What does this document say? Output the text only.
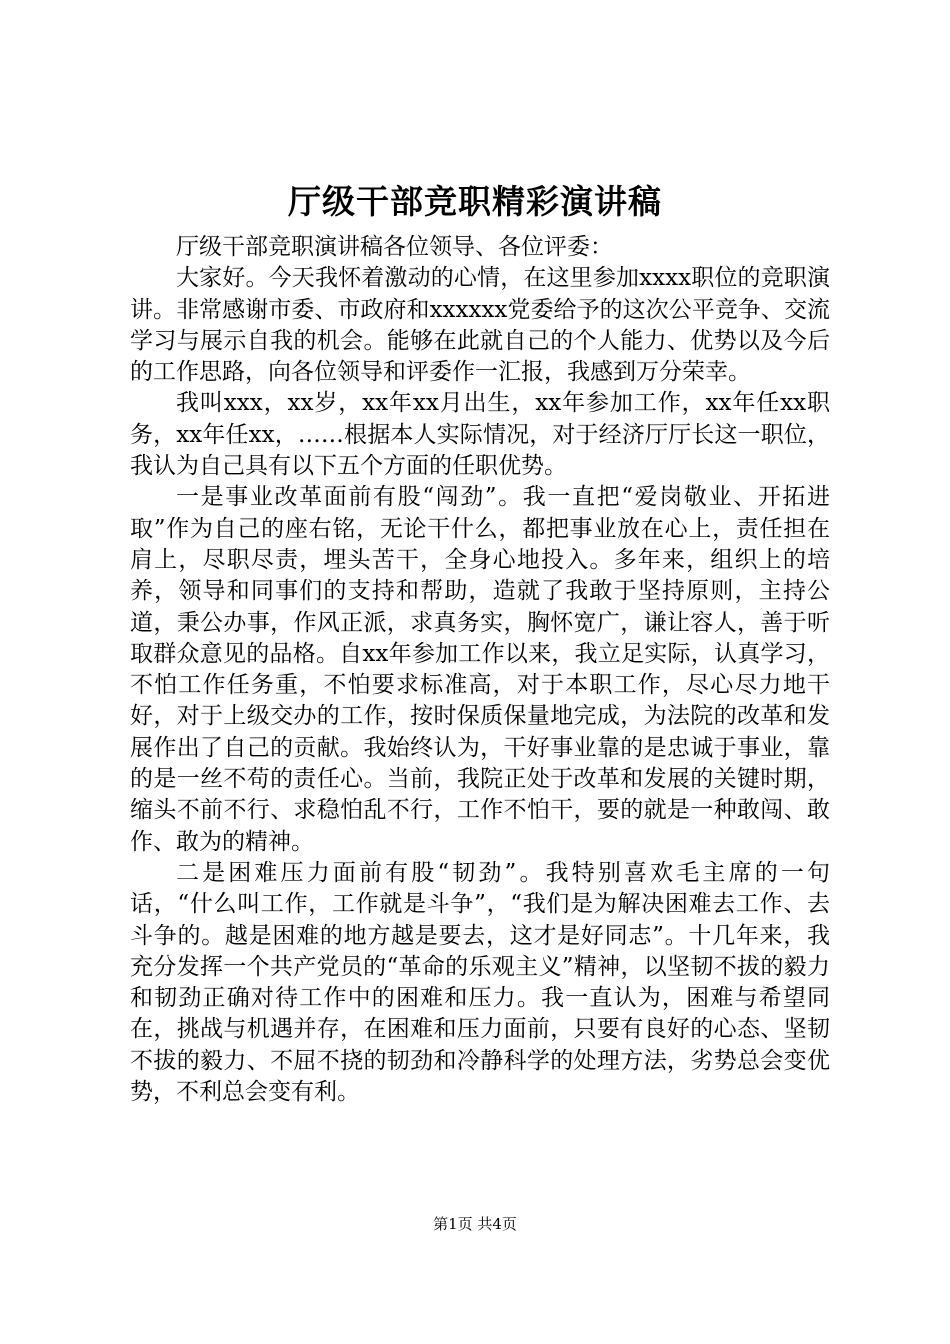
厅级干部竞职精彩演讲稿

厅级干部竞职演讲稿各位领导、各位评委：

大家好。今天我怀着激动的心情，在这里参加xxxx职位的竞职演讲。非常感谢市委、市政府和xxxxxx党委给予的这次公平竞争、交流学习与展示自我的机会。能够在此就自己的个人能力、优势以及今后的工作思路，向各位领导和评委作一汇报，我感到万分荣幸。

我叫xxx，xx岁，xx年xx月出生，xx年参加工作，xx年任xx职务，xx年任xx，……根据本人实际情况，对于经济厅厅长这一职位，我认为自己具有以下五个方面的任职优势。

一是事业改革面前有股“闯劲”。我一直把“爱岗敬业、开拓进取”作为自己的座右铭，无论干什么，都把事业放在心上，责任担在肩上，尽职尽责，埋头苦干，全身心地投入。多年来，组织上的培养，领导和同事们的支持和帮助，造就了我敢于坚持原则，主持公道，秉公办事，作风正派，求真务实，胸怀宽广，谦让容人，善于听取群众意见的品格。自xx年参加工作以来，我立足实际，认真学习，不怕工作任务重，不怕要求标准高，对于本职工作，尽心尽力地干好，对于上级交办的工作，按时保质保量地完成，为法院的改革和发展作出了自己的贡献。我始终认为，干好事业靠的是忠诚于事业，靠的是一丝不苟的责任心。当前，我院正处于改革和发展的关键时期，缩头不前不行、求稳怕乱不行，工作不怕干，要的就是一种敢闯、敢作、敢为的精神。

二是困难压力面前有股“韧劲”。我特别喜欢毛主席的一句话，“什么叫工作，工作就是斗争”，“我们是为解决困难去工作、去斗争的。越是困难的地方越是要去，这才是好同志”。十几年来，我充分发挥一个共产党员的“革命的乐观主义”精神，以坚韧不拔的毅力和韧劲正确对待工作中的困难和压力。我一直认为，困难与希望同在，挑战与机遇并存，在困难和压力面前，只要有良好的心态、坚韧不拔的毅力、不屈不挠的韧劲和冷静科学的处理方法，劣势总会变优势，不利总会变有利。

第1页 共4页
